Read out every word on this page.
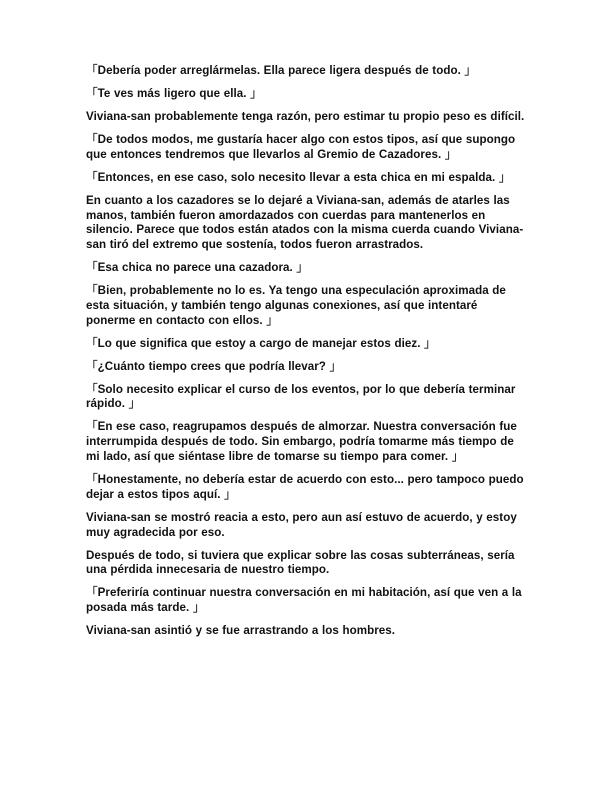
「Debería poder arreglármelas. Ella parece ligera después de todo. 」

「Te ves más ligero que ella. 」

Viviana-san probablemente tenga razón, pero estimar tu propio peso es difícil.

「De todos modos, me gustaría hacer algo con estos tipos, así que supongo que entonces tendremos que llevarlos al Gremio de Cazadores. 」

「Entonces, en ese caso, solo necesito llevar a esta chica en mi espalda. 」

En cuanto a los cazadores se lo dejaré a Viviana-san, además de atarles las manos, también fueron amordazados con cuerdas para mantenerlos en silencio. Parece que todos están atados con la misma cuerda cuando Viviana-san tiró del extremo que sostenía, todos fueron arrastrados.

「Esa chica no parece una cazadora. 」

「Bien, probablemente no lo es. Ya tengo una especulación aproximada de esta situación, y también tengo algunas conexiones, así que intentaré ponerme en contacto con ellos. 」

「Lo que significa que estoy a cargo de manejar estos diez. 」

「¿Cuánto tiempo crees que podría llevar? 」

「Solo necesito explicar el curso de los eventos, por lo que debería terminar rápido. 」

「En ese caso, reagrupamos después de almorzar. Nuestra conversación fue interrumpida después de todo. Sin embargo, podría tomarme más tiempo de mi lado, así que siéntase libre de tomarse su tiempo para comer. 」

「Honestamente, no debería estar de acuerdo con esto... pero tampoco puedo dejar a estos tipos aquí. 」

Viviana-san se mostró reacia a esto, pero aun así estuvo de acuerdo, y estoy muy agradecida por eso.

Después de todo, si tuviera que explicar sobre las cosas subterráneas, sería una pérdida innecesaria de nuestro tiempo.

「Preferiría continuar nuestra conversación en mi habitación, así que ven a la posada más tarde. 」

Viviana-san asintió y se fue arrastrando a los hombres.
